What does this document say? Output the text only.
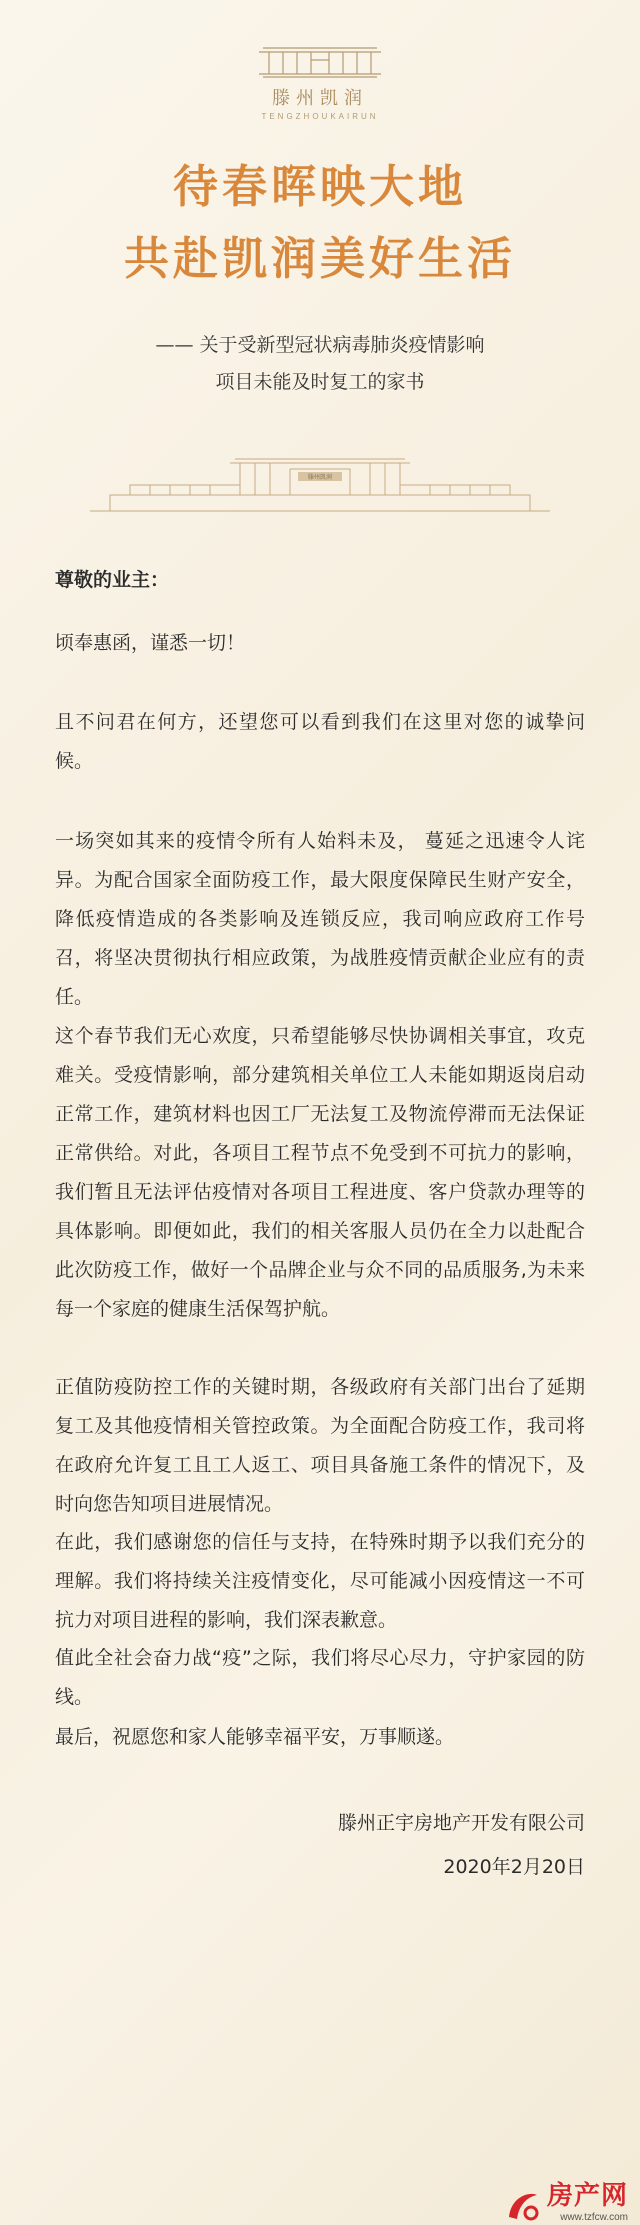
滕州凯润
TENGZHOUKAIRUN
待春晖映大地
共赴凯润美好生活
—— 关于受新型冠状病毒肺炎疫情影响
项目未能及时复工的家书
滕州凯润

尊敬的业主：

顷奉惠函，谨悉一切！

且不问君在何方，还望您可以看到我们在这里对您的诚挚问候。

一场突如其来的疫情令所有人始料未及， 蔓延之迅速令人诧异。为配合国家全面防疫工作，最大限度保障民生财产安全，降低疫情造成的各类影响及连锁反应，我司响应政府工作号召，将坚决贯彻执行相应政策，为战胜疫情贡献企业应有的责任。

这个春节我们无心欢度，只希望能够尽快协调相关事宜，攻克难关。受疫情影响，部分建筑相关单位工人未能如期返岗启动正常工作，建筑材料也因工厂无法复工及物流停滞而无法保证正常供给。对此，各项目工程节点不免受到不可抗力的影响，我们暂且无法评估疫情对各项目工程进度、客户贷款办理等的具体影响。即便如此，我们的相关客服人员仍在全力以赴配合此次防疫工作，做好一个品牌企业与众不同的品质服务,为未来每一个家庭的健康生活保驾护航。

正值防疫防控工作的关键时期，各级政府有关部门出台了延期复工及其他疫情相关管控政策。为全面配合防疫工作，我司将在政府允许复工且工人返工、项目具备施工条件的情况下，及时向您告知项目进展情况。

在此，我们感谢您的信任与支持，在特殊时期予以我们充分的理解。我们将持续关注疫情变化，尽可能减小因疫情这一不可抗力对项目进程的影响，我们深表歉意。

值此全社会奋力战“疫”之际，我们将尽心尽力，守护家园的防线。

最后，祝愿您和家人能够幸福平安，万事顺遂。

滕州正宇房地产开发有限公司
2020年2月20日
房产网
www.tzfcw.com
